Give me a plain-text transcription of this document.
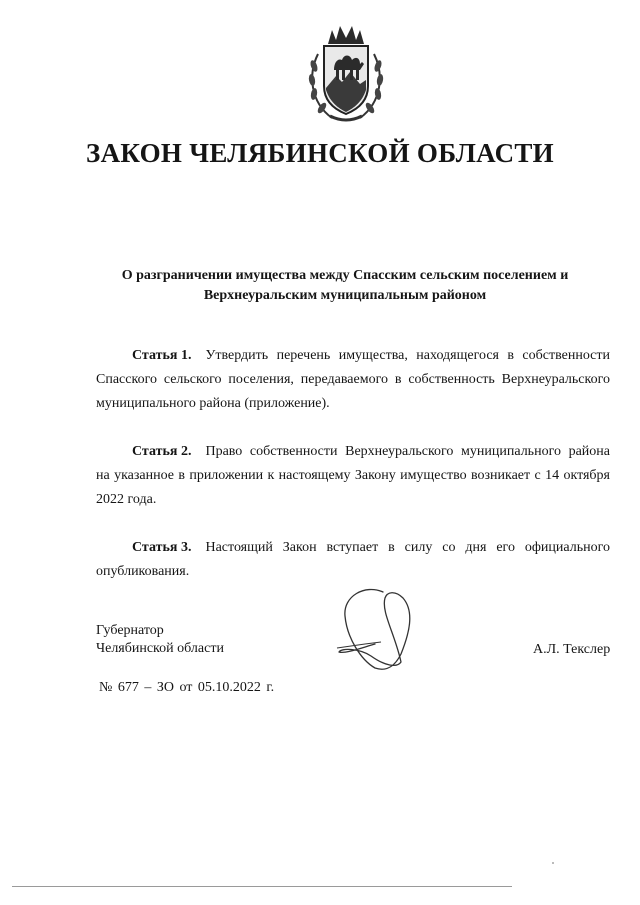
ЗАКОН ЧЕЛЯБИНСКОЙ ОБЛАСТИ
О разграничении имущества между Спасским сельским поселением и
Верхнеуральским муниципальным районом
Статья 1. Утвердить перечень имущества, находящегося в собственности Спасского сельского поселения, передаваемого в собственность Верхнеуральского муниципального района (приложение).
Статья 2. Право собственности Верхнеуральского муниципального района на указанное в приложении к настоящему Закону имущество возникает с 14 октября 2022 года.
Статья 3. Настоящий Закон вступает в силу со дня его официального опубликования.
Губернатор
Челябинской области	А.Л. Текслер
№ 677 – ЗО от 05.10.2022 г.
